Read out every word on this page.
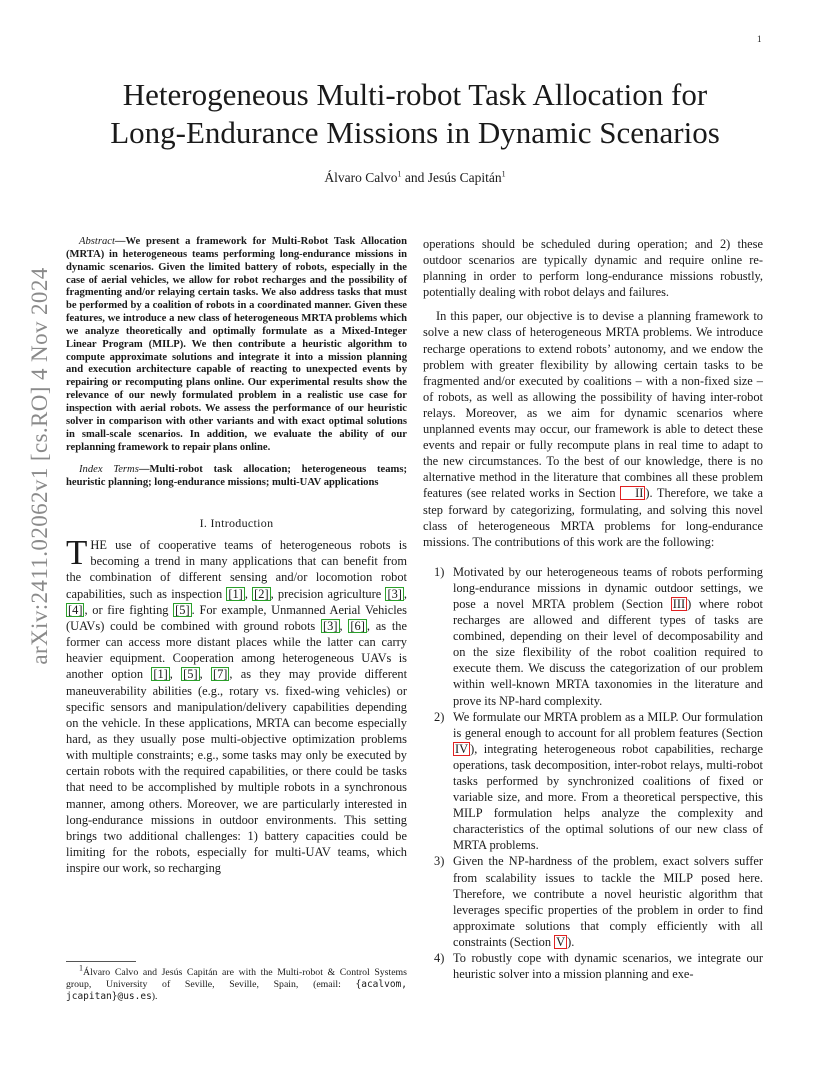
1
arXiv:2411.02062v1 [cs.RO] 4 Nov 2024
Heterogeneous Multi-robot Task Allocation for
Long-Endurance Missions in Dynamic Scenarios
Álvaro Calvo$^1$ and Jesús Capitán$^1$

Abstract—We present a framework for Multi-Robot Task Allocation (MRTA) in heterogeneous teams performing long-endurance missions in dynamic scenarios. Given the limited battery of robots, especially in the case of aerial vehicles, we allow for robot recharges and the possibility of fragmenting and/or relaying certain tasks. We also address tasks that must be performed by a coalition of robots in a coordinated manner. Given these features, we introduce a new class of heterogeneous MRTA problems which we analyze theoretically and optimally formulate as a Mixed-Integer Linear Program (MILP). We then contribute a heuristic algorithm to compute approximate solutions and integrate it into a mission planning and execution architecture capable of reacting to unexpected events by repairing or recomputing plans online. Our experimental results show the relevance of our newly formulated problem in a realistic use case for inspection with aerial robots. We assess the performance of our heuristic solver in comparison with other variants and with exact optimal solutions in small-scale scenarios. In addition, we evaluate the ability of our replanning framework to repair plans online.

Index Terms—Multi-robot task allocation; heterogeneous teams; heuristic planning; long-endurance missions; multi-UAV applications

I. Introduction

THE use of cooperative teams of heterogeneous robots is becoming a trend in many applications that can benefit from the combination of different sensing and/or locomotion robot capabilities, such as inspection [1] , [2] , precision agriculture [3] , [4] , or fire fighting [5] . For example, Unmanned Aerial Vehicles (UAVs) could be combined with ground robots [3] , [6] , as the former can access more distant places while the latter can carry heavier equipment. Cooperation among heterogeneous UAVs is another option [1] , [5] , [7] , as they may provide different maneuverability abilities (e.g., rotary vs. fixed-wing vehicles) or specific sensors and manipulation/delivery capabilities depending on the vehicle. In these applications, MRTA can become especially hard, as they usually pose multi-objective optimization problems with multiple constraints; e.g., some tasks may only be executed by certain robots with the required capabilities, or there could be tasks that need to be accomplished by multiple robots in a synchronous manner, among others. Moreover, we are particularly interested in long-endurance missions in outdoor environments. This setting brings two additional challenges: 1) battery capacities could be limiting for the robots, especially for multi-UAV teams, which inspire our work, so recharging

$^1$Álvaro Calvo and Jesús Capitán are with the Multi-robot & Control Systems group, University of Seville, Seville, Spain, (email: {acalvom, jcapitan}@us.es).

operations should be scheduled during operation; and 2) these outdoor scenarios are typically dynamic and require online re-planning in order to perform long-endurance missions robustly, potentially dealing with robot delays and failures.

In this paper, our objective is to devise a planning framework to solve a new class of heterogeneous MRTA problems. We introduce recharge operations to extend robots’ autonomy, and we endow the problem with greater flexibility by allowing certain tasks to be fragmented and/or executed by coalitions – with a non-fixed size – of robots, as well as allowing the possibility of having inter-robot relays. Moreover, as we aim for dynamic scenarios where unplanned events may occur, our framework is able to detect these events and repair or fully recompute plans in real time to adapt to the new circumstances. To the best of our knowledge, there is no alternative method in the literature that combines all these problem features (see related works in Section II ). Therefore, we take a step forward by categorizing, formulating, and solving this novel class of heterogeneous MRTA problems for long-endurance missions. The contributions of this work are the following:

1) Motivated by our heterogeneous teams of robots performing long-endurance missions in dynamic outdoor settings, we pose a novel MRTA problem (Section III ) where robot recharges are allowed and different types of tasks are combined, depending on their level of decomposability and on the size flexibility of the robot coalition required to execute them. We discuss the categorization of our problem within well-known MRTA taxonomies in the literature and prove its NP-hard complexity.
2) We formulate our MRTA problem as a MILP. Our formulation is general enough to account for all problem features (Section IV ), integrating heterogeneous robot capabilities, recharge operations, task decomposition, inter-robot relays, multi-robot tasks performed by synchronized coalitions of fixed or variable size, and more. From a theoretical perspective, this MILP formulation helps analyze the complexity and characteristics of the optimal solutions of our new class of MRTA problems.
3) Given the NP-hardness of the problem, exact solvers suffer from scalability issues to tackle the MILP posed here. Therefore, we contribute a novel heuristic algorithm that leverages specific properties of the problem in order to find approximate solutions that comply efficiently with all constraints (Section V ).
4) To robustly cope with dynamic scenarios, we integrate our heuristic solver into a mission planning and exe-
